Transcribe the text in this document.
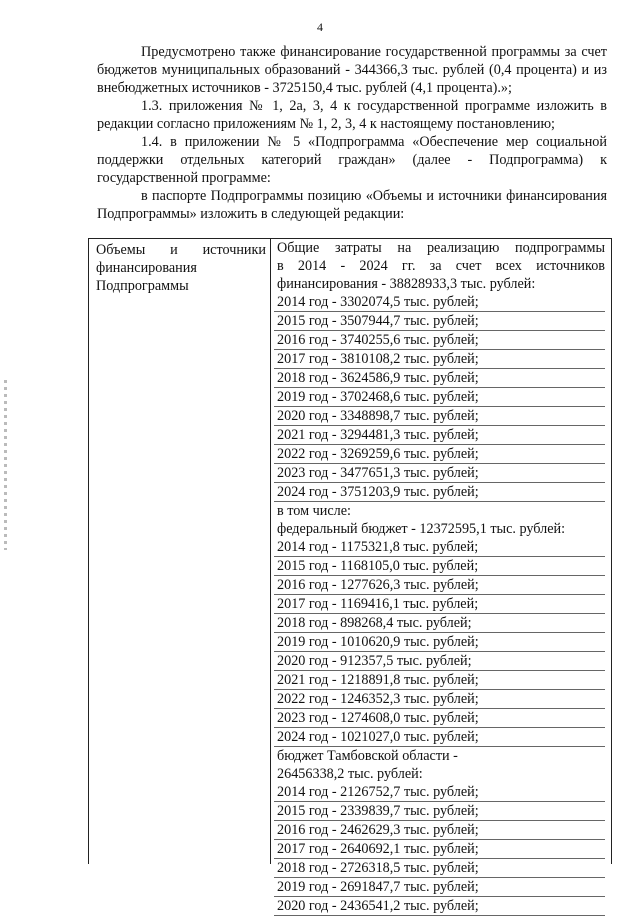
4

Предусмотрено также финансирование государственной программы за счет бюджетов муниципальных образований - 344366,3 тыс. рублей (0,4 процента) и из внебюджетных источников - 3725150,4 тыс. рублей (4,1 процента).»;

1.3. приложения № 1, 2а, 3, 4 к государственной программе изложить в редакции согласно приложениям № 1, 2, 3, 4 к настоящему постановлению;

1.4. в приложении № 5 «Подпрограмма «Обеспечение мер социальной поддержки отдельных категорий граждан» (далее - Подпрограмма) к государственной программе:

в паспорте Подпрограммы позицию «Объемы и источники финансирования Подпрограммы» изложить в следующей редакции:

Объемы и источники
финансирования
Подпрограммы
Общие затраты на реализацию подпрограммы
в 2014 - 2024 гг. за счет всех источников
финансирования - 38828933,3 тыс. рублей:
2014 год - 3302074,5 тыс. рублей;
2015 год - 3507944,7 тыс. рублей;
2016 год - 3740255,6 тыс. рублей;
2017 год - 3810108,2 тыс. рублей;
2018 год - 3624586,9 тыс. рублей;
2019 год - 3702468,6 тыс. рублей;
2020 год - 3348898,7 тыс. рублей;
2021 год - 3294481,3 тыс. рублей;
2022 год - 3269259,6 тыс. рублей;
2023 год - 3477651,3 тыс. рублей;
2024 год - 3751203,9 тыс. рублей;
в том числе:
федеральный бюджет - 12372595,1 тыс. рублей:
2014 год - 1175321,8 тыс. рублей;
2015 год - 1168105,0 тыс. рублей;
2016 год - 1277626,3 тыс. рублей;
2017 год - 1169416,1 тыс. рублей;
2018 год - 898268,4 тыс. рублей;
2019 год - 1010620,9 тыс. рублей;
2020 год - 912357,5 тыс. рублей;
2021 год - 1218891,8 тыс. рублей;
2022 год - 1246352,3 тыс. рублей;
2023 год - 1274608,0 тыс. рублей;
2024 год - 1021027,0 тыс. рублей;
бюджет Тамбовской области -
26456338,2 тыс. рублей:
2014 год - 2126752,7 тыс. рублей;
2015 год - 2339839,7 тыс. рублей;
2016 год - 2462629,3 тыс. рублей;
2017 год - 2640692,1 тыс. рублей;
2018 год - 2726318,5 тыс. рублей;
2019 год - 2691847,7 тыс. рублей;
2020 год - 2436541,2 тыс. рублей;
